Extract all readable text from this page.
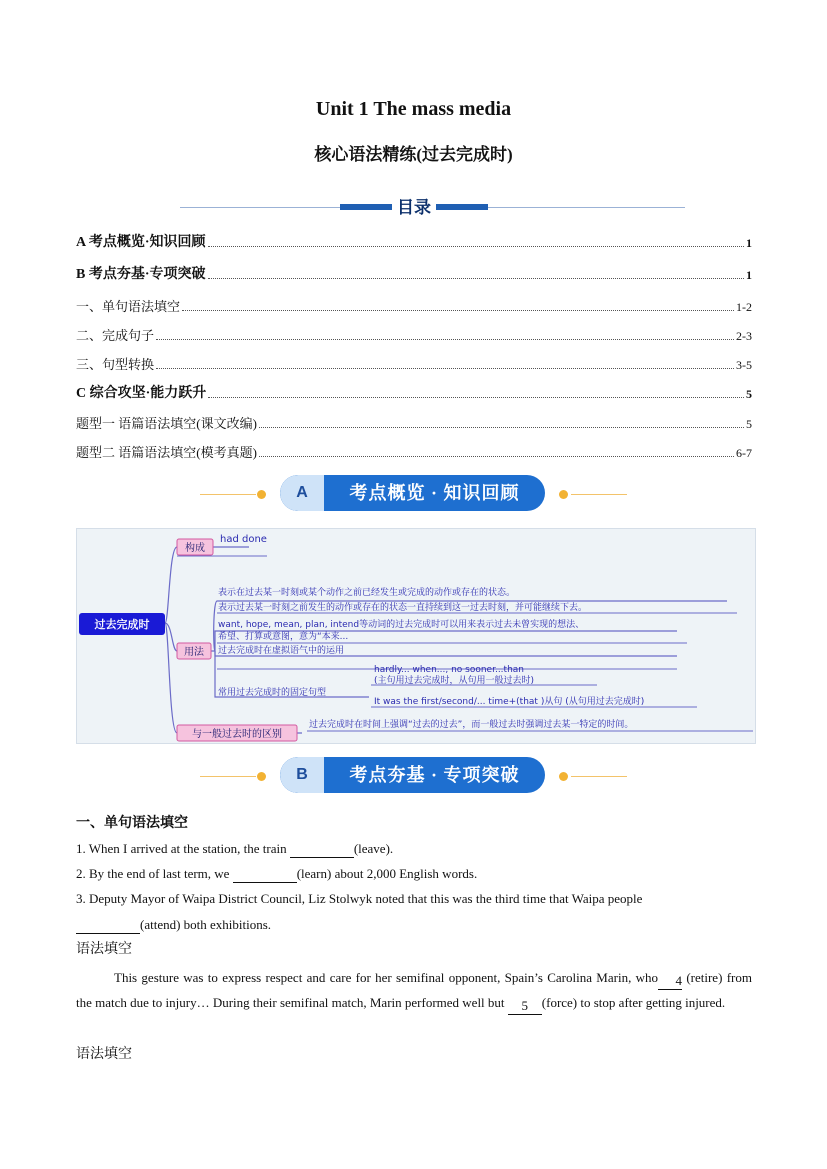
Unit 1 The mass media
核心语法精练(过去完成时)
目录
A 考点概览·知识回顾	1
B 考点夯基·专项突破	1
一、单句语法填空	1-2
二、完成句子	2-3
三、句型转换	3-5
C 综合攻坚·能力跃升	5
题型一 语篇语法填空(课文改编)	5
题型二 语篇语法填空(模考真题)	6-7
A	考点概览 · 知识回顾
过去完成时
构成
had done
用法
表示在过去某一时刻或某个动作之前已经发生或完成的动作或存在的状态。
表示过去某一时刻之前发生的动作或存在的状态一直持续到这一过去时刻，并可能继续下去。
want, hope, mean, plan, intend等动词的过去完成时可以用来表示过去未曾实现的想法、
希望、打算或意图，意为“本来...
过去完成时在虚拟语气中的运用
常用过去完成时的固定句型
hardly... when..., no sooner...than
(主句用过去完成时，从句用一般过去时)
It was the first/second/... time+(that )从句 (从句用过去完成时)
与一般过去时的区别
过去完成时在时间上强调“过去的过去”，而一般过去时强调过去某一特定的时间。
B	考点夯基 · 专项突破
一、单句语法填空
1. When I arrived at the station, the train	(leave).
2. By the end of last term, we	(learn) about 2,000 English words.
3. Deputy Mayor of Waipa District Council, Liz Stolwyk noted that this was the third time that Waipa people
(attend) both exhibitions.
语法填空
This gesture was to express respect and care for her semifinal opponent, Spain’s Carolina Marin, who 4 (retire) from the match due to injury… During their semifinal match, Marin performed well but 5 (force) to stop after getting injured.
语法填空
